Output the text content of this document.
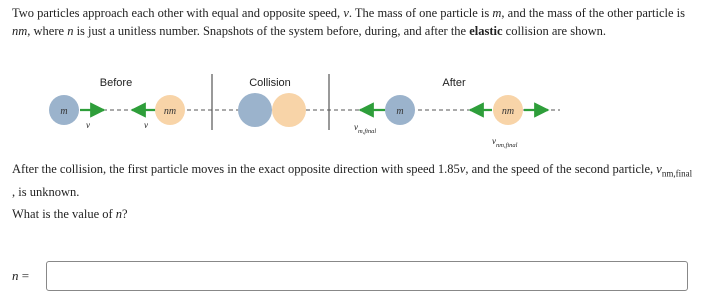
Two particles approach each other with equal and opposite speed, v. The mass of one particle is m, and the mass of the other particle is nm, where n is just a unitless number. Snapshots of the system before, during, and after the elastic collision are shown.
Before	Collision	After
m	nm
v	v
m	nm
$v_{m,final}$
$v_{nm,final}$
After the collision, the first particle moves in the exact opposite direction with speed 1.85v, and the speed of the second particle, $v_{nm,final}$ , is unknown.
What is the value of n?
n =
